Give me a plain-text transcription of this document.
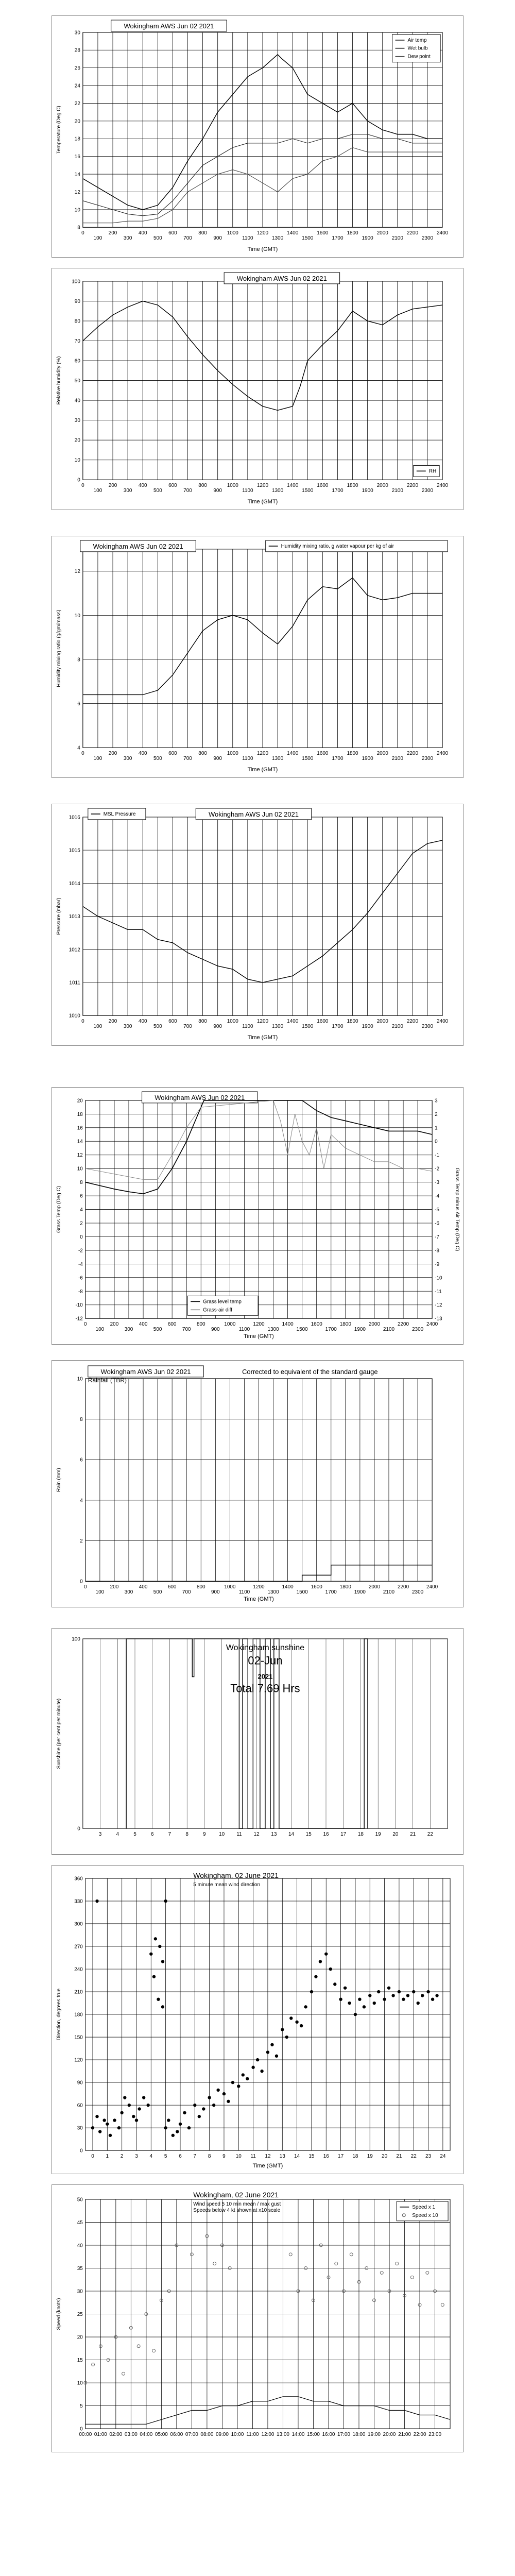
8
10
12
14
16
18
20
22
24
26
28
30
0
100
200
300
400
500
600
700
800
900
1000
1100
1200
1300
1400
1500
1600
1700
1800
1900
2000
2100
2200
2300
2400
Temperature (Deg C)
Time (GMT)
Wokingham AWS Jun 02 2021
Air temp
Wet bulb
Dew point
0
10
20
30
40
50
60
70
80
90
100
0
100
200
300
400
500
600
700
800
900
1000
1100
1200
1300
1400
1500
1600
1700
1800
1900
2000
2100
2200
2300
2400
Relative humidity (%)
Time (GMT)
Wokingham AWS Jun 02 2021
RH
4
6
8
10
12
0
100
200
300
400
500
600
700
800
900
1000
1100
1200
1300
1400
1500
1600
1700
1800
1900
2000
2100
2200
2300
2400
Humidity mixing ratio (g/gm/mass)
Time (GMT)
Wokingham AWS Jun 02 2021	Humidity mixing ratio, g water vapour per kg of air
1010
1011
1012
1013
1014
1015
1016
0
100
200
300
400
500
600
700
800
900
1000
1100
1200
1300
1400
1500
1600
1700
1800
1900
2000
2100
2200
2300
2400
Pressure (mbar)
Time (GMT)
Wokingham AWS Jun 02 2021
MSL Pressure
-12
-10
-8
-6
-4
-2
0
2
4
6
8
10
12
14
16
18
20
0
100
200
300
400
500
600
700
800
900
1000
1100
1200
1300
1400
1500
1600
1700
1800
1900
2000
2100
2200
2300
2400
-13
-12
-11
-10
-9
-8
-7
-6
-5
-4
-3
-2
-1
0
1
2
3
Grass Temp minus Air Temp (Deg C)
Grass Temp (Deg C)
Time (GMT)
Wokingham AWS Jun 02 2021
Grass level temp
Grass-air diff
0
2
4
6
8
10
0
100
200
300
400
500
600
700
800
900
1000
1100
1200
1300
1400
1500
1600
1700
1800
1900
2000
2100
2200
2300
2400
Rain (mm)
Time (GMT)
Wokingham AWS Jun 02 2021
Rainfall (TBR)
Corrected to equivalent of the standard gauge
0
100
3	4	5	6	7	8	9	10 11 12 13 14 15 16 17 18 19 20 21 22
Sunshine (per cent per minute)
Wokingham sunshine
02-Jun
2021
Total 7.69 Hrs
0
30
60
90
120
150
180
210
240
270
300
330
360
0 1 2 3 4 5 6 7 8 9 10 11 12 13 14 15 16 17 18 19 20 21 22 23 24
Direction, degrees true
Time (GMT)
Wokingham, 02 June 2021
5 minute mean wind direction
0
5
10
15
20
25
30
35
40
45
50
00:00 01:00 02:00 03:00 04:00 05:00 06:00 07:00 08:00 09:00 10:00 11:00 12:00 13:00 14:00 15:00 16:00 17:00 18:00 19:00 20:00 21:00 22:00 23:00
Speed (knots)
Wokingham, 02 June 2021
Wind speed 5 10 min mean / max gust
Speeds below 4 kt shown at x10 scale
Speed x 1
Speed x 10
